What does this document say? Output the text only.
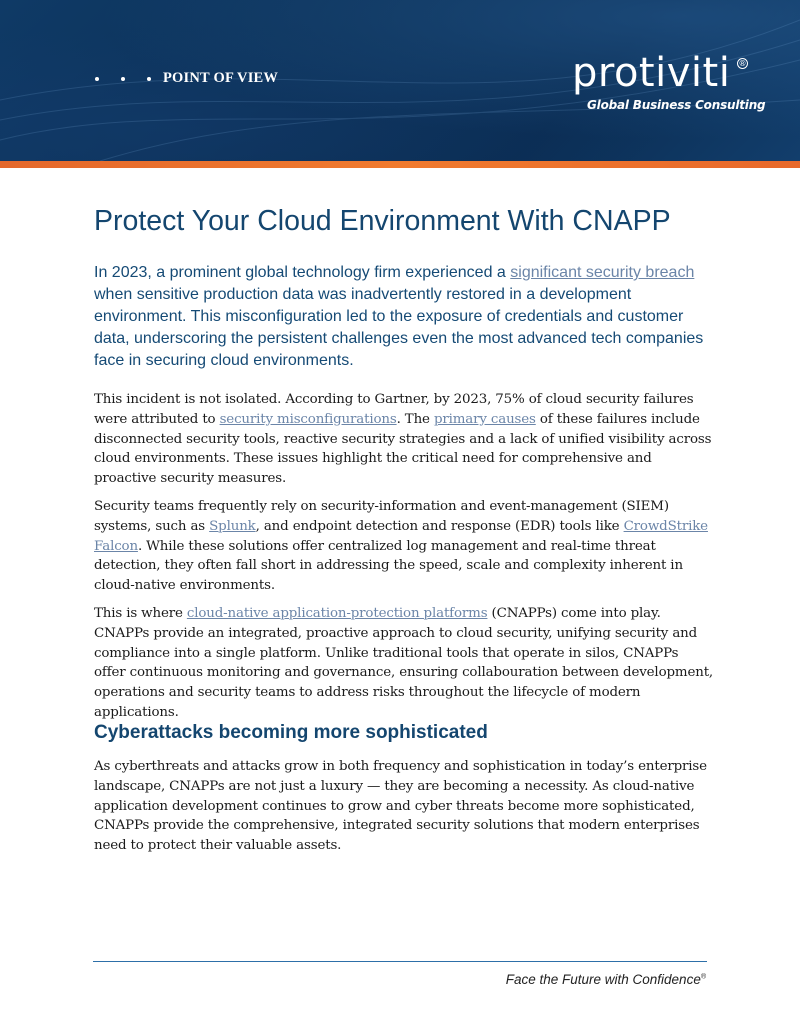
POINT OF VIEW	protiviti ®
Global Business Consulting
Protect Your Cloud Environment With CNAPP

In 2023, a prominent global technology firm experienced a significant security breach when sensitive production data was inadvertently restored in a development environment. This misconfiguration led to the exposure of credentials and customer data, underscoring the persistent challenges even the most advanced tech companies face in securing cloud environments.

This incident is not isolated. According to Gartner, by 2023, 75% of cloud security failures were attributed to security misconfigurations. The primary causes of these failures include disconnected security tools, reactive security strategies and a lack of unified visibility across cloud environments. These issues highlight the critical need for comprehensive and proactive security measures.

Security teams frequently rely on security-information and event-management (SIEM) systems, such as Splunk, and endpoint detection and response (EDR) tools like CrowdStrike Falcon. While these solutions offer centralized log management and real-time threat detection, they often fall short in addressing the speed, scale and complexity inherent in cloud-native environments.

This is where cloud-native application-protection platforms (CNAPPs) come into play. CNAPPs provide an integrated, proactive approach to cloud security, unifying security and compliance into a single platform. Unlike traditional tools that operate in silos, CNAPPs offer continuous monitoring and governance, ensuring collabouration between development, operations and security teams to address risks throughout the lifecycle of modern applications.

Cyberattacks becoming more sophisticated

As cyberthreats and attacks grow in both frequency and sophistication in today’s enterprise landscape, CNAPPs are not just a luxury — they are becoming a necessity. As cloud-native application development continues to grow and cyber threats become more sophisticated, CNAPPs provide the comprehensive, integrated security solutions that modern enterprises need to protect their valuable assets.

Face the Future with Confidence®
